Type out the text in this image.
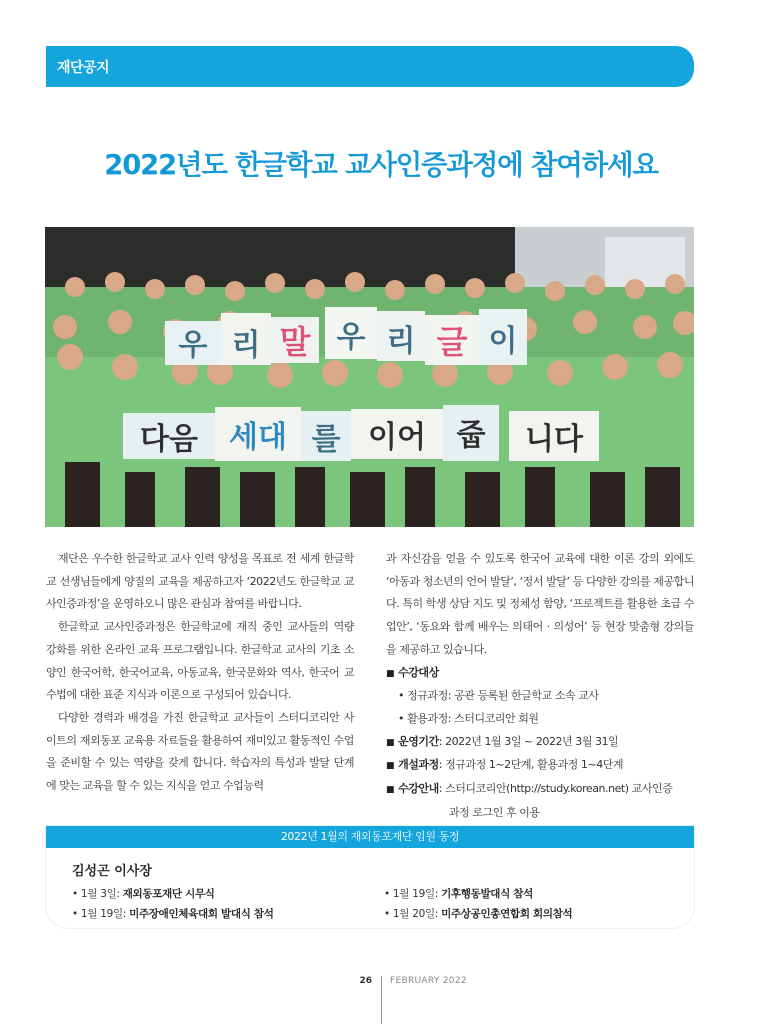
재단공지
2022년도 한글학교 교사인증과정에 참여하세요
우 리 말 우 리 글 이
다음 세대 를 이어 줍 니다

재단은 우수한 한글학교 교사 인력 양성을 목표로 전 세계 한글학교 선생님들에게 양질의 교육을 제공하고자 ‘2022년도 한글학교 교사인증과정’을 운영하오니 많은 관심과 참여를 바랍니다.

한글학교 교사인증과정은 한글학교에 재직 중인 교사들의 역량 강화를 위한 온라인 교육 프로그램입니다. 한글학교 교사의 기초 소양인 한국어학, 한국어교육, 아동교육, 한국문화와 역사, 한국어 교수법에 대한 표준 지식과 이론으로 구성되어 있습니다.

다양한 경력과 배경을 가진 한글학교 교사들이 스터디코리안 사이트의 재외동포 교육용 자료들을 활용하여 재미있고 활동적인 수업을 준비할 수 있는 역량을 갖게 합니다. 학습자의 특성과 발달 단계에 맞는 교육을 할 수 있는 지식을 얻고 수업능력

과 자신감을 얻을 수 있도록 한국어 교육에 대한 이론 강의 외에도 ‘아동과 청소년의 언어 발달’, ‘정서 발달’ 등 다양한 강의를 제공합니다. 특히 학생 상담 지도 및 정체성 함양, ‘프로젝트를 활용한 초급 수업안’, ‘동요와 함께 배우는 의태어 · 의성어’ 등 현장 맞춤형 강의들을 제공하고 있습니다.

■ 수강대상
• 정규과정: 공관 등록된 한글학교 소속 교사
• 활용과정: 스터디코리안 회원
■ 운영기간: 2022년 1월 3일 ~ 2022년 3월 31일
■ 개설과정: 정규과정 1~2단계, 활용과정 1~4단계
■ 수강안내: 스터디코리안(http://study.korean.net) 교사인증
과정 로그인 후 이용
2022년 1월의 재외동포재단 임원 동정
김성곤 이사장
• 1월 3일: 재외동포재단 시무식
• 1월 19일: 미주장애인체육대회 발대식 참석
• 1월 19일: 기후행동발대식 참석
• 1월 20일: 미주상공인총연합회 회의참석
26 FEBRUARY 2022
